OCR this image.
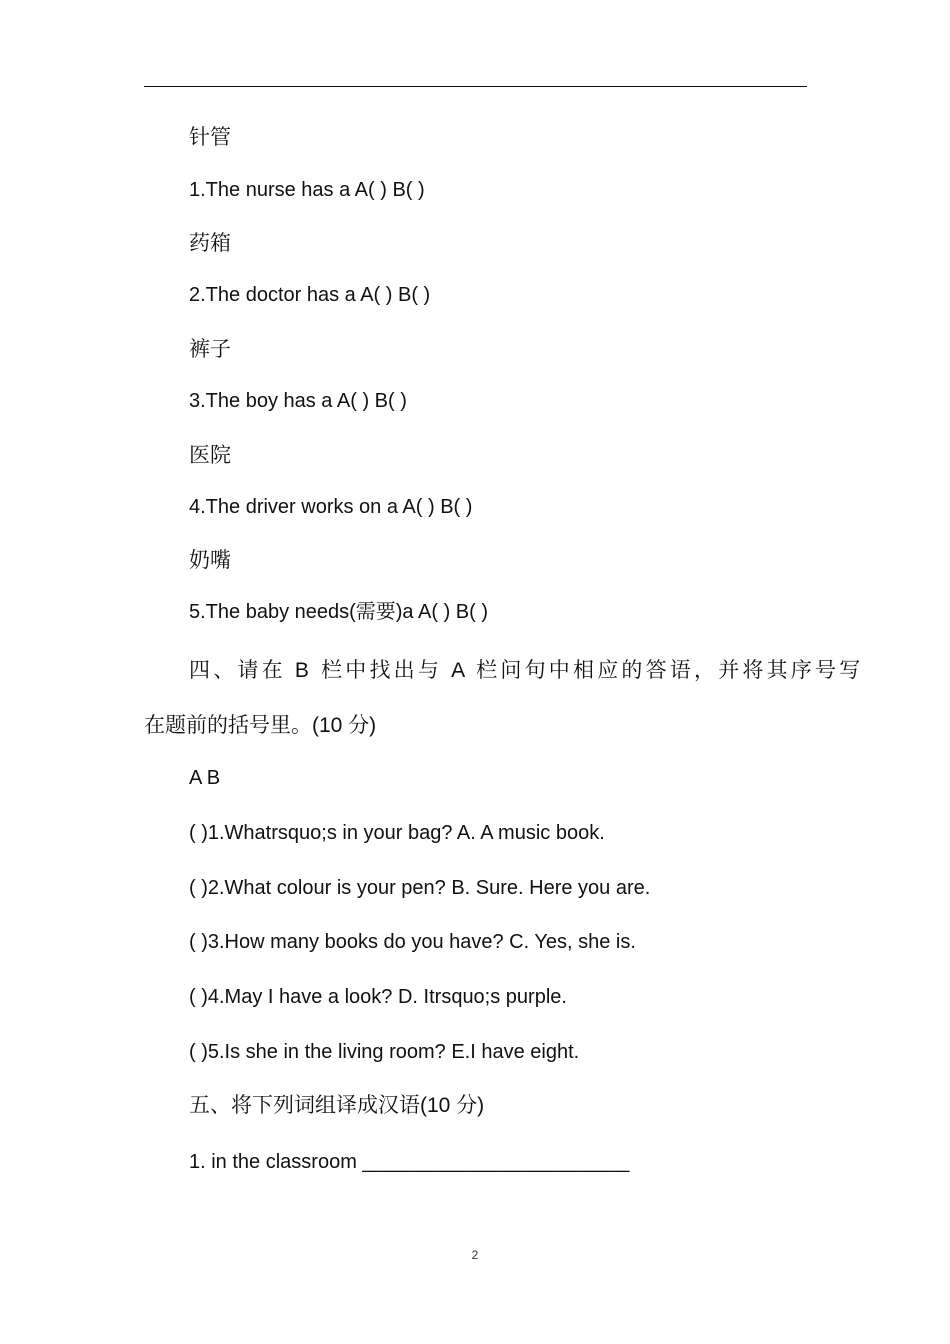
针管
1.The nurse has a A( ) B( )
药箱
2.The doctor has a A( ) B( )
裤子
3.The boy has a A( ) B( )
医院
4.The driver works on a A( ) B( )
奶嘴
5.The baby needs(需要)a A( ) B( )
四、请在 B 栏中找出与 A 栏问句中相应的答语，并将其序号写
在题前的括号里。(10 分)
A B
( )1.Whatrsquo;s in your bag? A. A music book.
( )2.What colour is your pen? B. Sure. Here you are.
( )3.How many books do you have? C. Yes, she is.
( )4.May I have a look? D. Itrsquo;s purple.
( )5.Is she in the living room? E.I have eight.
五、将下列词组译成汉语(10 分)
1. in the classroom ________________________
2
